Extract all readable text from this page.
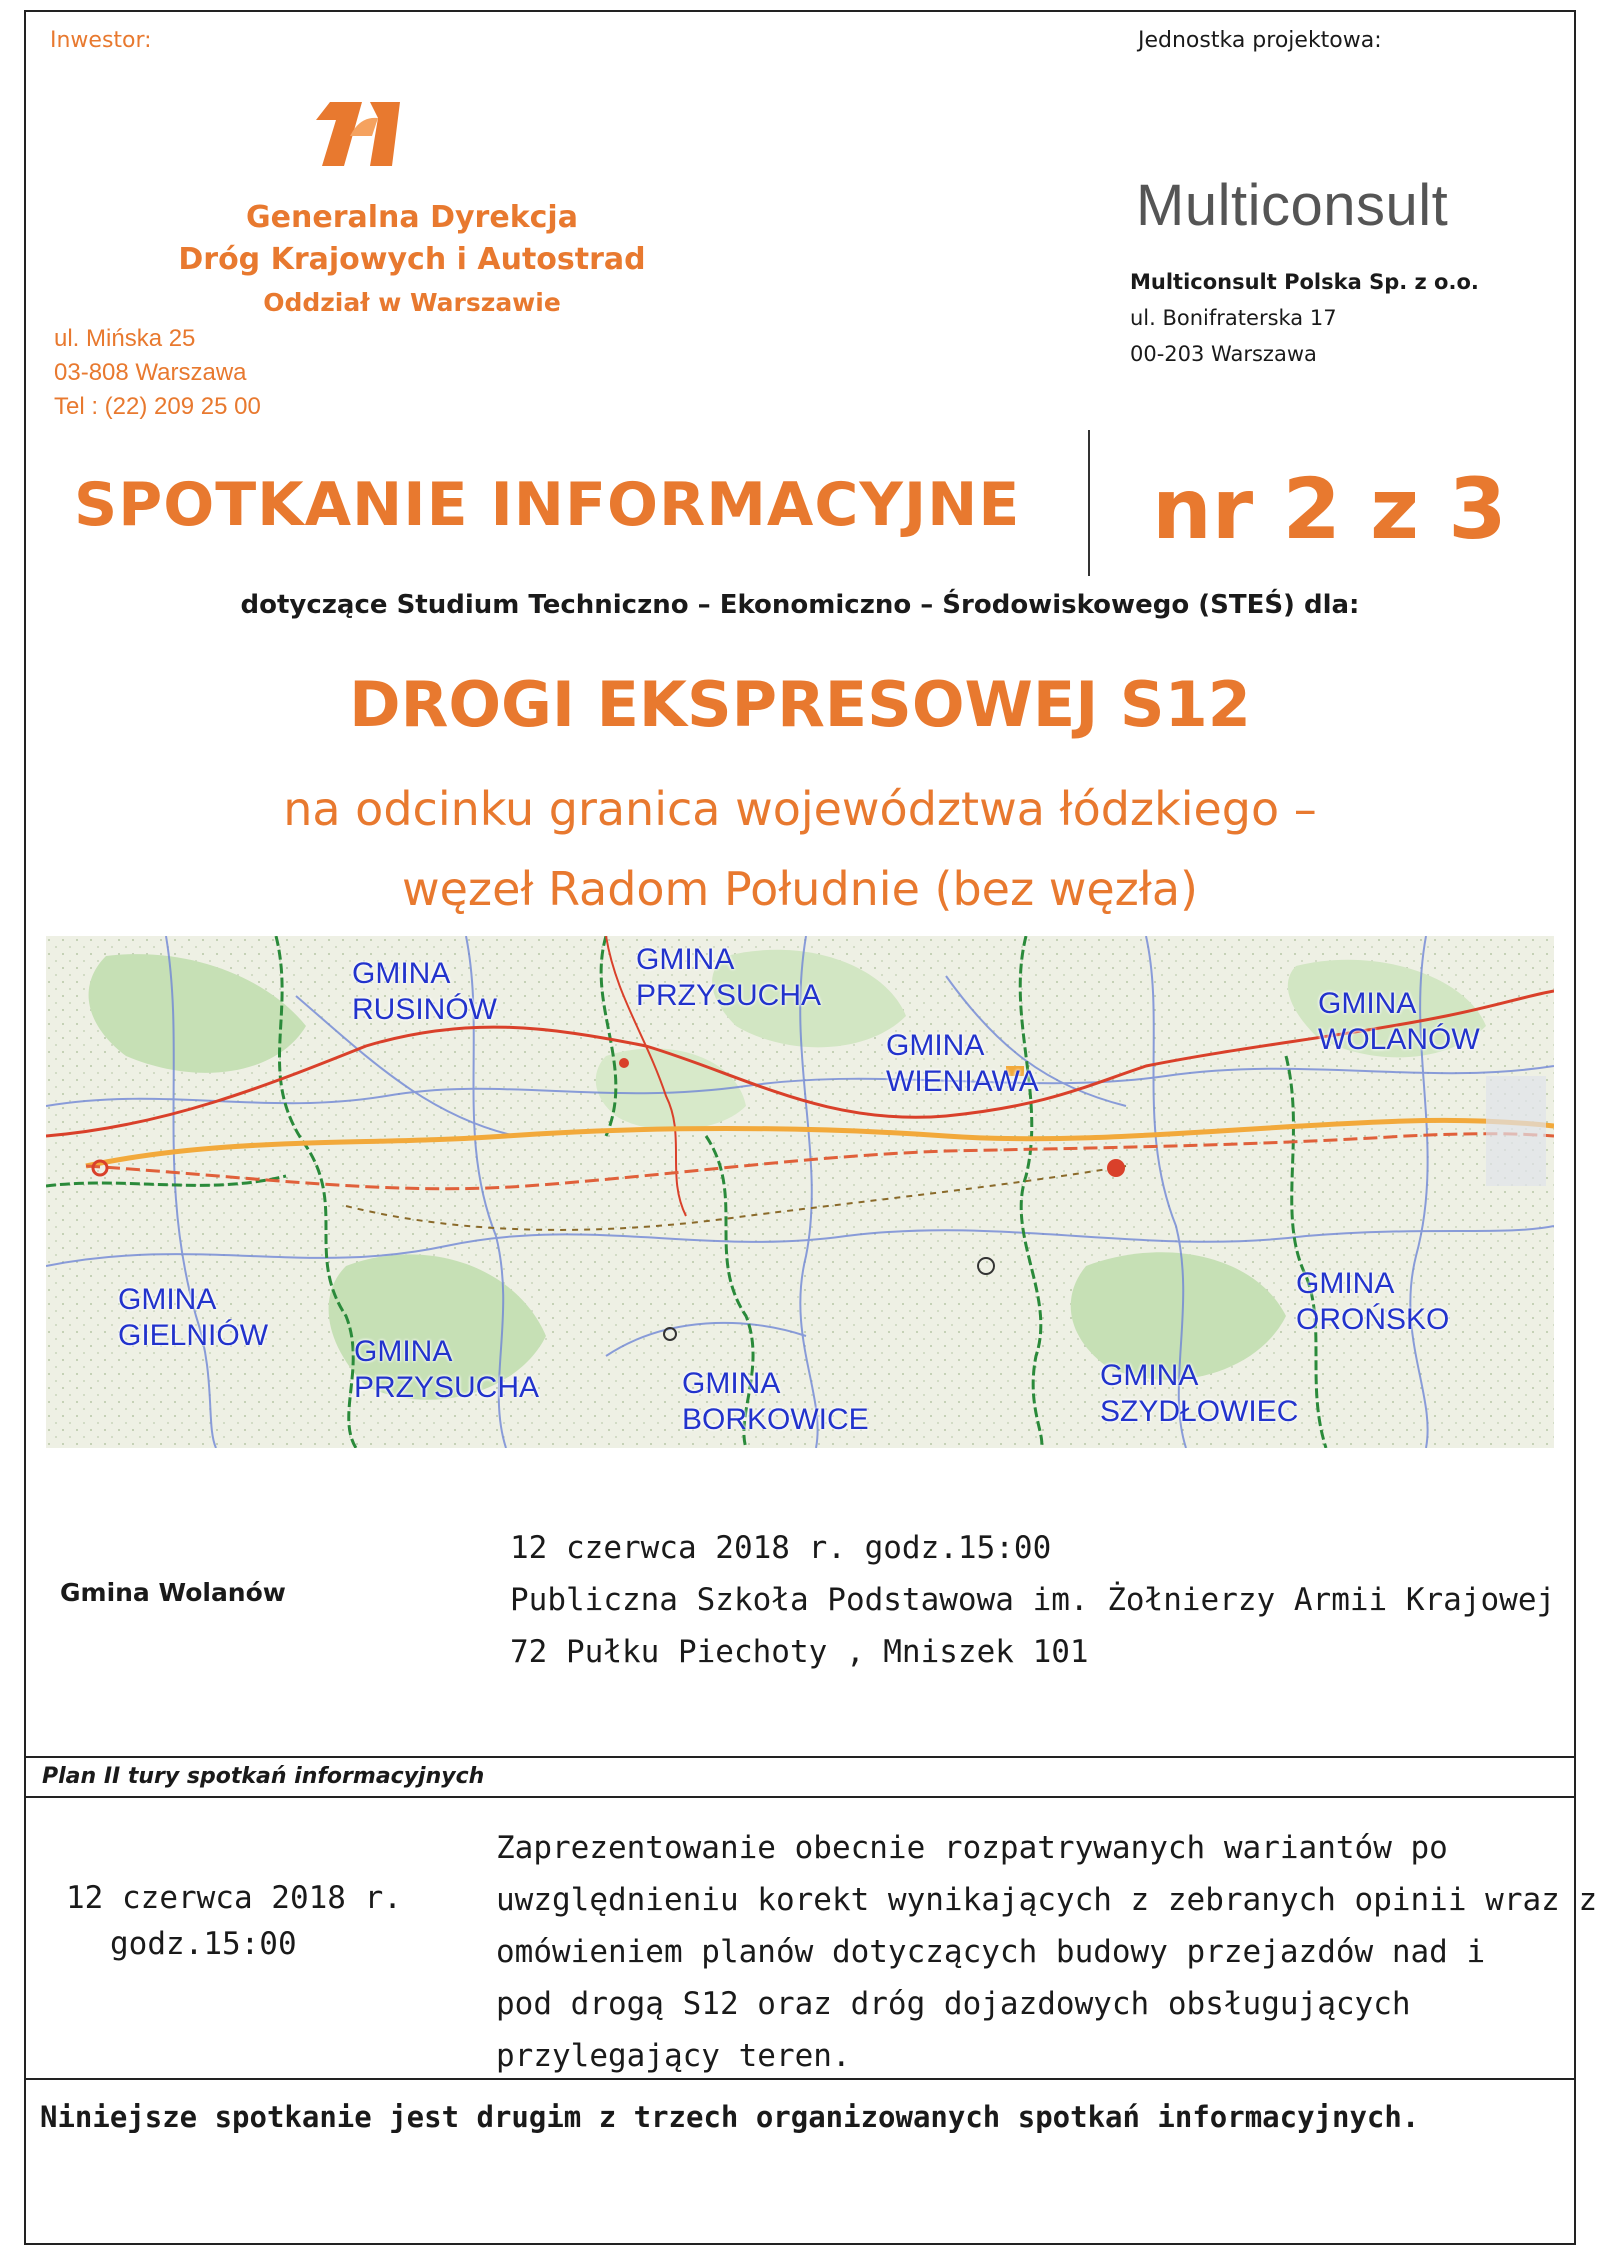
Inwestor:
Generalna Dyrekcja
Dróg Krajowych i Autostrad
Oddział w Warszawie
ul. Mińska 25
03-808 Warszawa
Tel : (22) 209 25 00
Jednostka projektowa:
Multiconsult
Multiconsult Polska Sp. z o.o.
ul. Bonifraterska 17
00-203 Warszawa
SPOTKANIE INFORMACYJNE nr 2 z 3
dotyczące Studium Techniczno – Ekonomiczno – Środowiskowego (STEŚ) dla:
DROGI EKSPRESOWEJ S12
na odcinku granica województwa łódzkiego –
węzeł Radom Południe (bez węzła)
GMINA
RUSINÓW
GMINA
PRZYSUCHA
GMINA
WIENIAWA
GMINA
WOLANÓW
GMINA
GIELNIÓW	GMINA
PRZYSUCHA	GMINA
BORKOWICE
GMINA
SZYDŁOWIEC
GMINA
OROŃSKO
Gmina Wolanów
12 czerwca 2018 r. godz.15:00
Publiczna Szkoła Podstawowa im. Żołnierzy Armii Krajowej
72 Pułku Piechoty , Mniszek 101
Plan II tury spotkań informacyjnych
12 czerwca 2018 r.
godz.15:00
Zaprezentowanie obecnie rozpatrywanych wariantów po
uwzględnieniu korekt wynikających z zebranych opinii wraz z
omówieniem planów dotyczących budowy przejazdów nad i
pod drogą S12 oraz dróg dojazdowych obsługujących
przylegający teren.
Niniejsze spotkanie jest drugim z trzech organizowanych spotkań informacyjnych.
